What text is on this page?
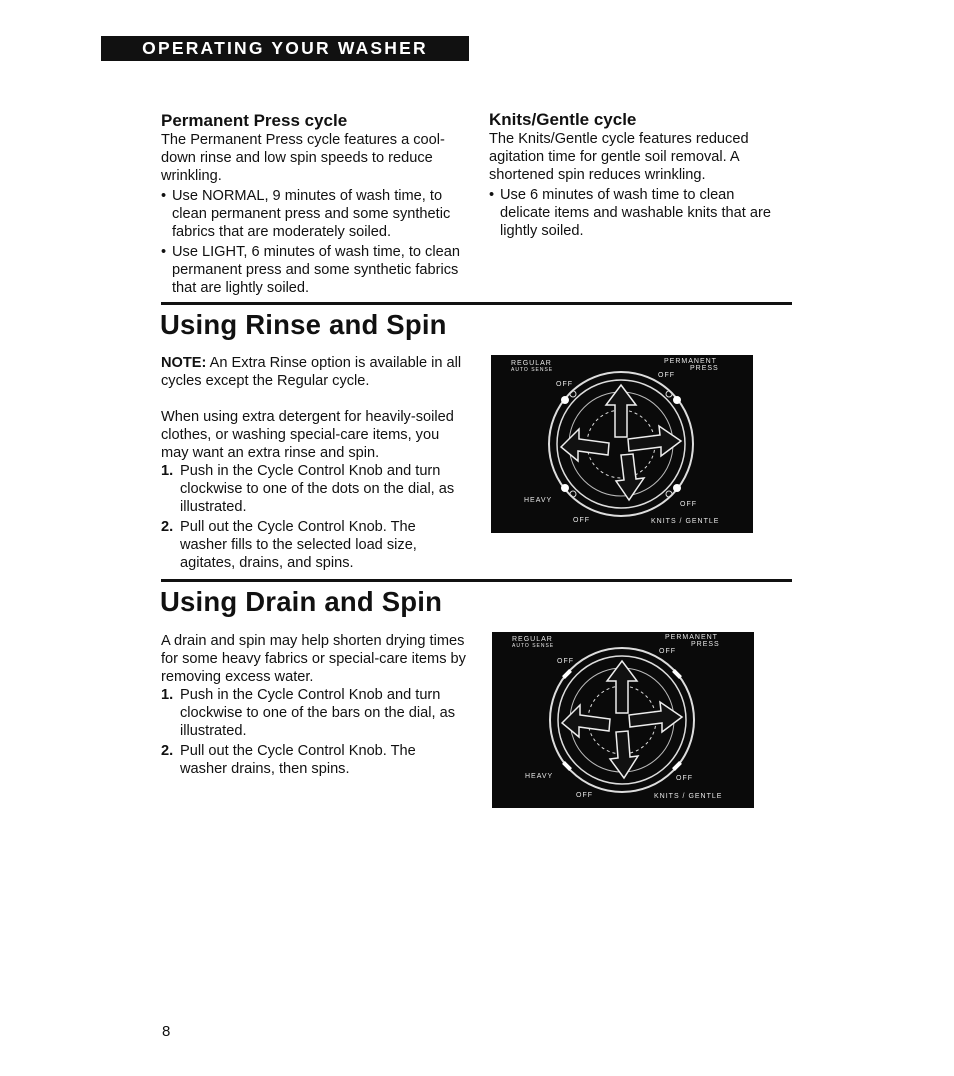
OPERATING YOUR WASHER
Permanent Press cycle

The Permanent Press cycle features a cool-down rinse and low spin speeds to reduce wrinkling.

• Use NORMAL, 9 minutes of wash time, to clean permanent press and some synthetic fabrics that are moderately soiled.
• Use LIGHT, 6 minutes of wash time, to clean permanent press and some synthetic fabrics that are lightly soiled.
Knits/Gentle cycle

The Knits/Gentle cycle features reduced agitation time for gentle soil removal. A shortened spin reduces wrinkling.

• Use 6 minutes of wash time to clean delicate items and washable knits that are lightly soiled.
Using Rinse and Spin

NOTE: An Extra Rinse option is available in all cycles except the Regular cycle.

When using extra detergent for heavily-soiled clothes, or washing special-care items, you may want an extra rinse and spin.

1. Push in the Cycle Control Knob and turn clockwise to one of the dots on the dial, as illustrated.
2. Pull out the Cycle Control Knob. The washer fills to the selected load size, agitates, drains, and spins.
REGULAR
AUTO SENSE
PERMANENT
PRESS
OFF
OFF
HEAVY
OFF
OFF	KNITS / GENTLE
Using Drain and Spin

A drain and spin may help shorten drying times for some heavy fabrics or special-care items by removing excess water.

1. Push in the Cycle Control Knob and turn clockwise to one of the bars on the dial, as illustrated.
2. Pull out the Cycle Control Knob. The washer drains, then spins.
REGULAR
AUTO SENSE
PERMANENT
PRESS
OFF
OFF
HEAVY	OFF
OFF	KNITS / GENTLE
8
